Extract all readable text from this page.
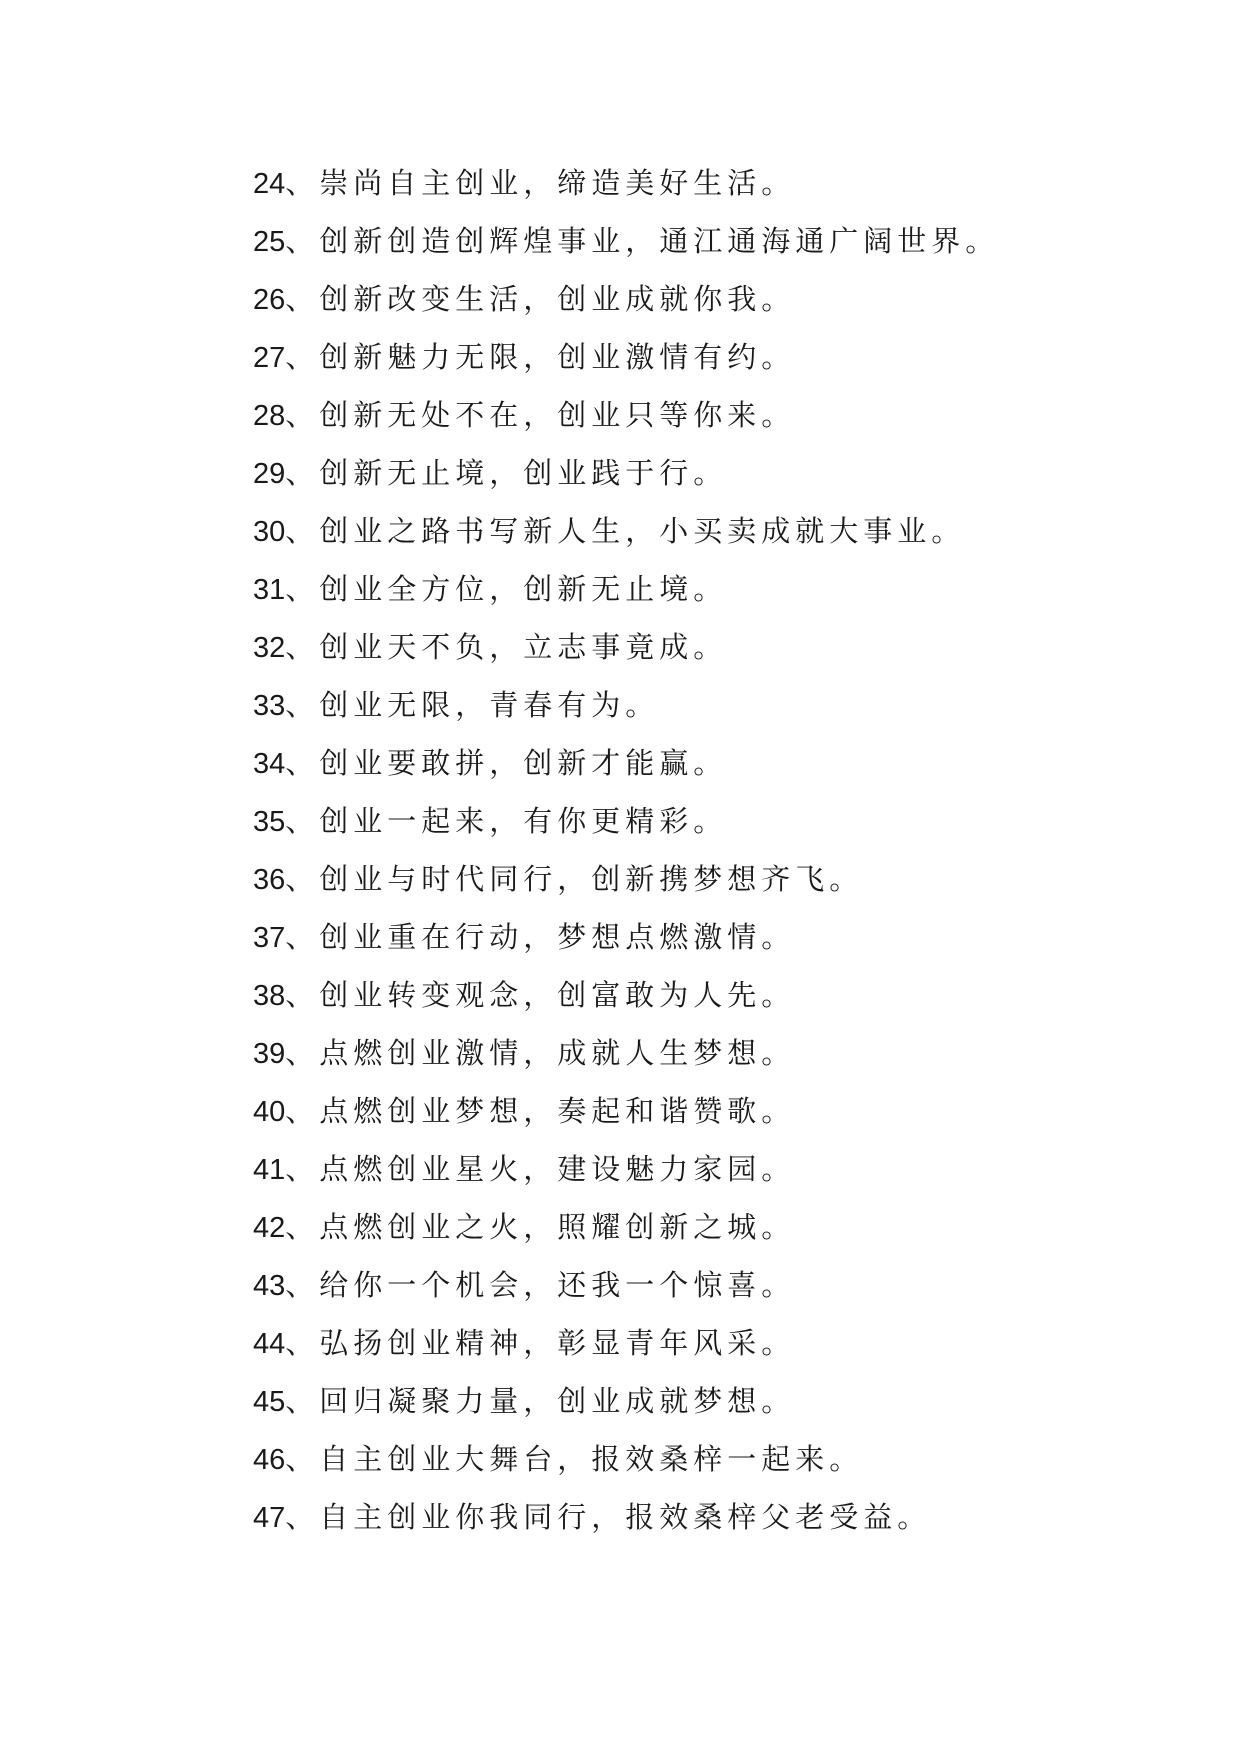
24、崇尚自主创业，缔造美好生活。
25、创新创造创辉煌事业，通江通海通广阔世界。
26、创新改变生活，创业成就你我。
27、创新魅力无限，创业激情有约。
28、创新无处不在，创业只等你来。
29、创新无止境，创业践于行。
30、创业之路书写新人生，小买卖成就大事业。
31、创业全方位，创新无止境。
32、创业天不负，立志事竟成。
33、创业无限，青春有为。
34、创业要敢拼，创新才能赢。
35、创业一起来，有你更精彩。
36、创业与时代同行，创新携梦想齐飞。
37、创业重在行动，梦想点燃激情。
38、创业转变观念，创富敢为人先。
39、点燃创业激情，成就人生梦想。
40、点燃创业梦想，奏起和谐赞歌。
41、点燃创业星火，建设魅力家园。
42、点燃创业之火，照耀创新之城。
43、给你一个机会，还我一个惊喜。
44、弘扬创业精神，彰显青年风采。
45、回归凝聚力量，创业成就梦想。
46、自主创业大舞台，报效桑梓一起来。
47、自主创业你我同行，报效桑梓父老受益。
